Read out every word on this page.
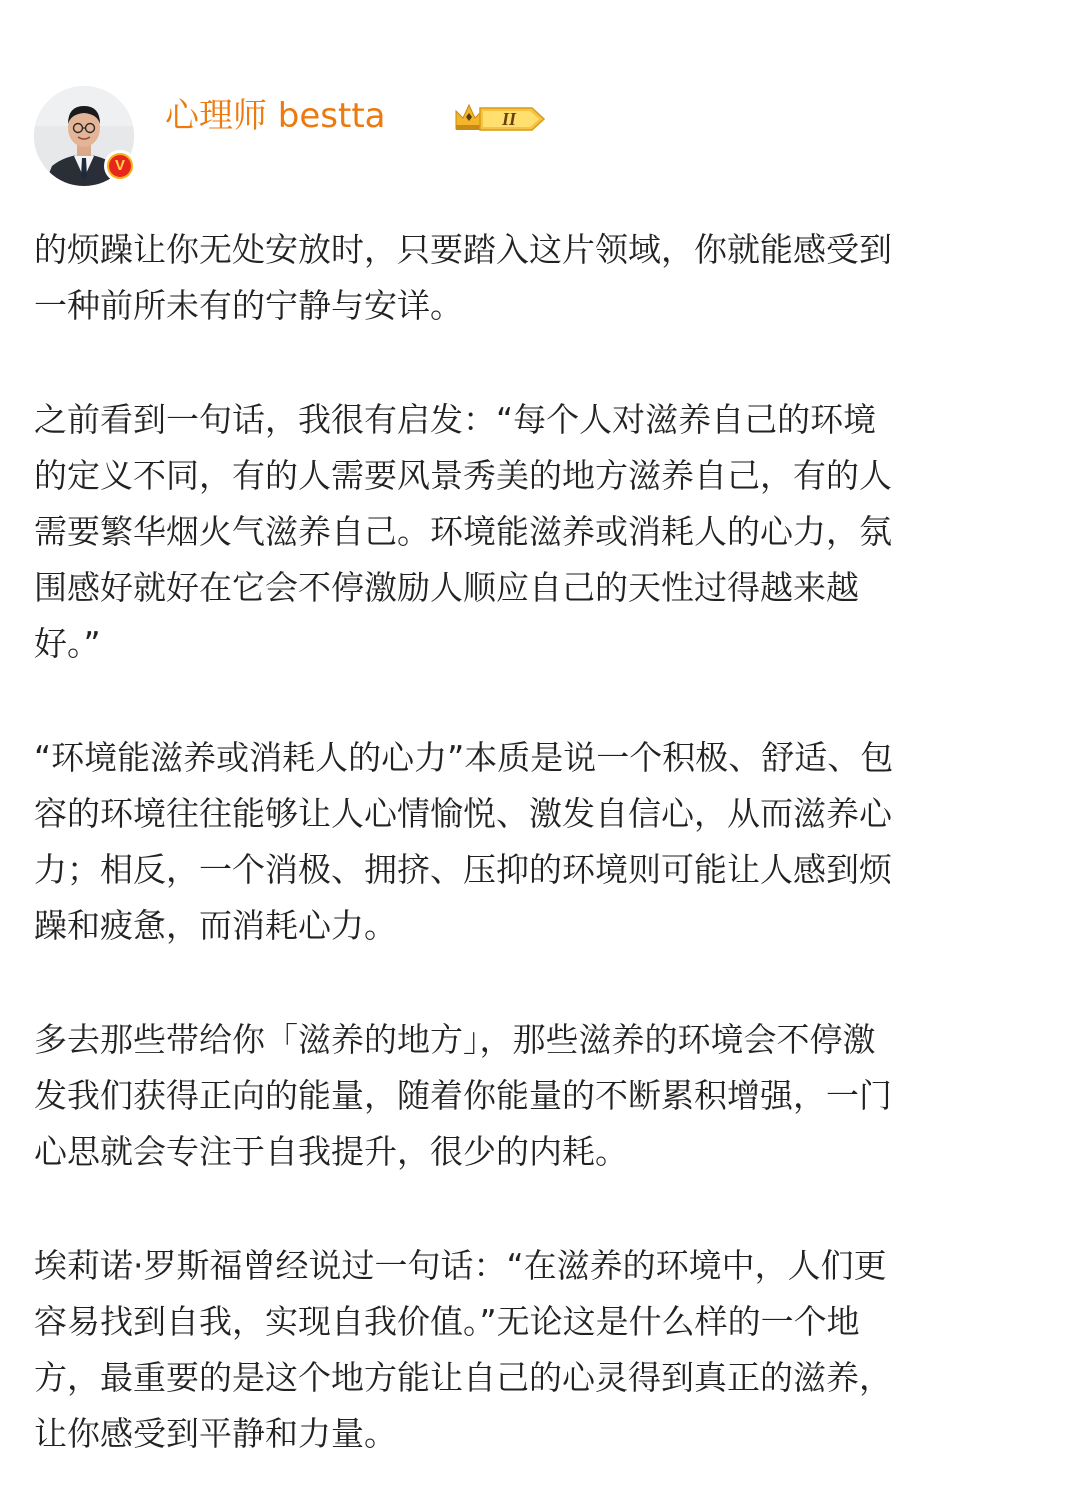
V
心理师 bestta	II

的烦躁让你无处安放时，只要踏入这片领域，你就能感受到
一种前所未有的宁静与安详。

之前看到一句话，我很有启发：“每个人对滋养自己的环境
的定义不同，有的人需要风景秀美的地方滋养自己，有的人
需要繁华烟火气滋养自己。环境能滋养或消耗人的心力，氛
围感好就好在它会不停激励人顺应自己的天性过得越来越
好。”

“环境能滋养或消耗人的心力”本质是说一个积极、舒适、包
容的环境往往能够让人心情愉悦、激发自信心，从而滋养心
力；相反，一个消极、拥挤、压抑的环境则可能让人感到烦
躁和疲惫，而消耗心力。

多去那些带给你「滋养的地方」，那些滋养的环境会不停激
发我们获得正向的能量，随着你能量的不断累积增强，一门
心思就会专注于自我提升，很少的内耗。

埃莉诺·罗斯福曾经说过一句话：“在滋养的环境中，人们更
容易找到自我，实现自我价值。”无论这是什么样的一个地
方，最重要的是这个地方能让自己的心灵得到真正的滋养，
让你感受到平静和力量。
